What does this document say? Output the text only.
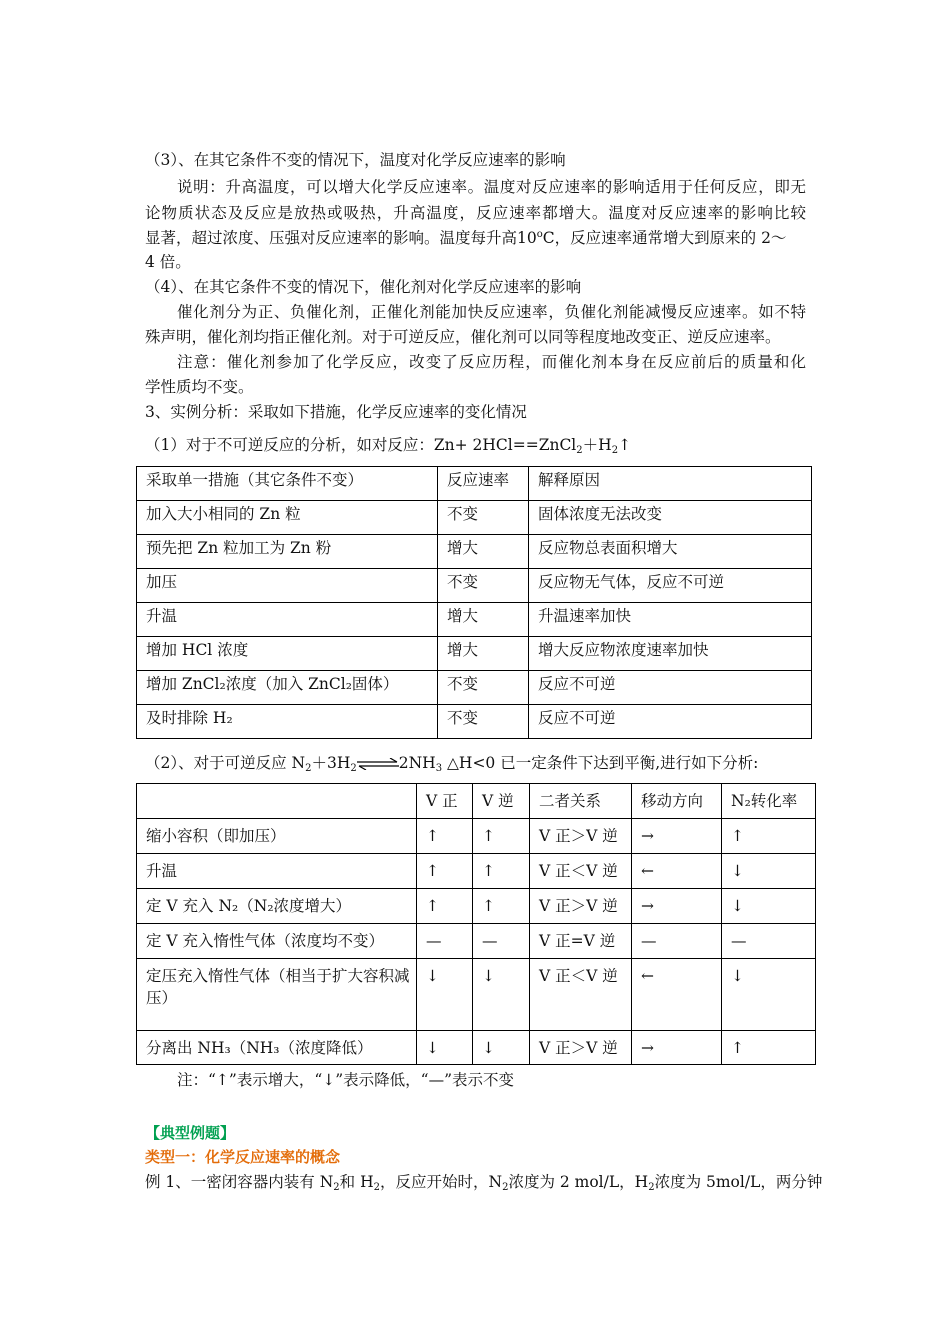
（3）、在其它条件不变的情况下，温度对化学反应速率的影响
说明：升高温度，可以增大化学反应速率。温度对反应速率的影响适用于任何反应，即无
论物质状态及反应是放热或吸热，升高温度，反应速率都增大。温度对反应速率的影响比较
显著，超过浓度、压强对反应速率的影响。温度每升高10$^o$C，反应速率通常增大到原来的 2～
4 倍。
（4）、在其它条件不变的情况下，催化剂对化学反应速率的影响
催化剂分为正、负催化剂，正催化剂能加快反应速率，负催化剂能减慢反应速率。如不特
殊声明，催化剂均指正催化剂。对于可逆反应，催化剂可以同等程度地改变正、逆反应速率。
注意：催化剂参加了化学反应，改变了反应历程，而催化剂本身在反应前后的质量和化
学性质均不变。
3、实例分析：采取如下措施，化学反应速率的变化情况
（1）对于不可逆反应的分析，如对反应：$Zn+ 2HCl==ZnCl_2+H_2↑$
采取单一措施（其它条件不变）	反应速率	解释原因
加入大小相同的 Zn 粒	不变	固体浓度无法改变
预先把 Zn 粒加工为 Zn 粉	增大	反应物总表面积增大
加压	不变	反应物无气体，反应不可逆
升温	增大	升温速率加快
增加 HCl 浓度	增大	增大反应物浓度速率加快
增加 ZnCl₂浓度（加入 ZnCl₂固体）	不变	反应不可逆
及时排除 H₂	不变	反应不可逆
（2）、对于可逆反应 $N_2+3H_2\rightleftharpoons 2NH_3$ △H<0 已一定条件下达到平衡,进行如下分析:
	V 正	V 逆	二者关系	移动方向	N₂转化率
缩小容积（即加压）	↑	↑	V 正＞V 逆	→	↑
升温	↑	↑	V 正＜V 逆	←	↓
定 V 充入 N₂（N₂浓度增大）	↑	↑	V 正＞V 逆	→	↓
定 V 充入惰性气体（浓度均不变）	—	—	V 正=V 逆	—	—
定压充入惰性气体（相当于扩大容积减压）	↓	↓	V 正＜V 逆	←	↓
分离出 NH₃（NH₃（浓度降低）	↓	↓	V 正＞V 逆	→	↑
注：“↑”表示增大，“↓”表示降低，“—”表示不变
【典型例题】
类型一：化学反应速率的概念
例 1、一密闭容器内装有 $N_2$和 $H_2$，反应开始时，$N_2$浓度为 2 mol/L，$H_2$浓度为 5mol/L，两分钟
